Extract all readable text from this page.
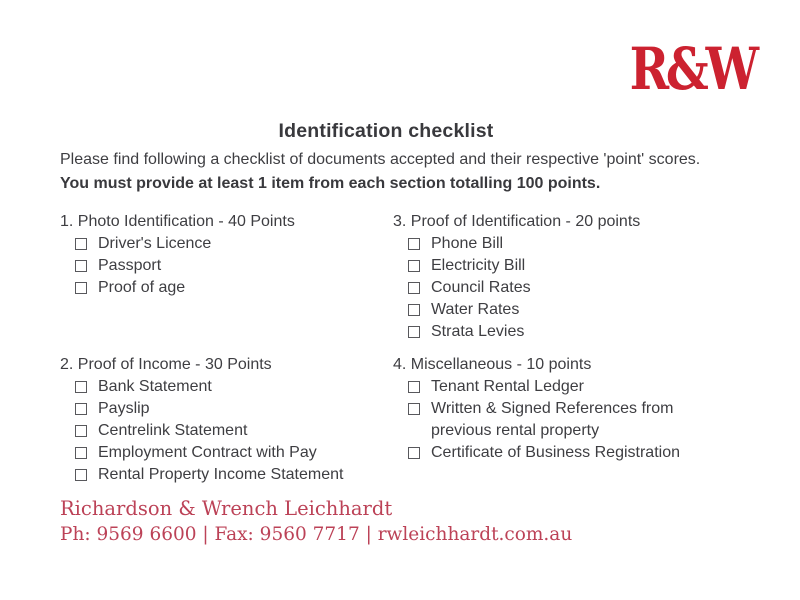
R&W
Identification checklist
Please find following a checklist of documents accepted and their respective 'point' scores.
You must provide at least 1 item from each section totalling 100 points.
1. Photo Identification - 40 Points
Driver's Licence
Passport
Proof of age
3. Proof of Identification - 20 points
Phone Bill
Electricity Bill
Council Rates
Water Rates
Strata Levies
2. Proof of Income - 30 Points
Bank Statement
Payslip
Centrelink Statement
Employment Contract with Pay
Rental Property Income Statement
4. Miscellaneous - 10 points
Tenant Rental Ledger
Written & Signed References from previous rental property
Certificate of Business Registration
Richardson & Wrench Leichhardt
Ph: 9569 6600 | Fax: 9560 7717 | rwleichhardt.com.au
